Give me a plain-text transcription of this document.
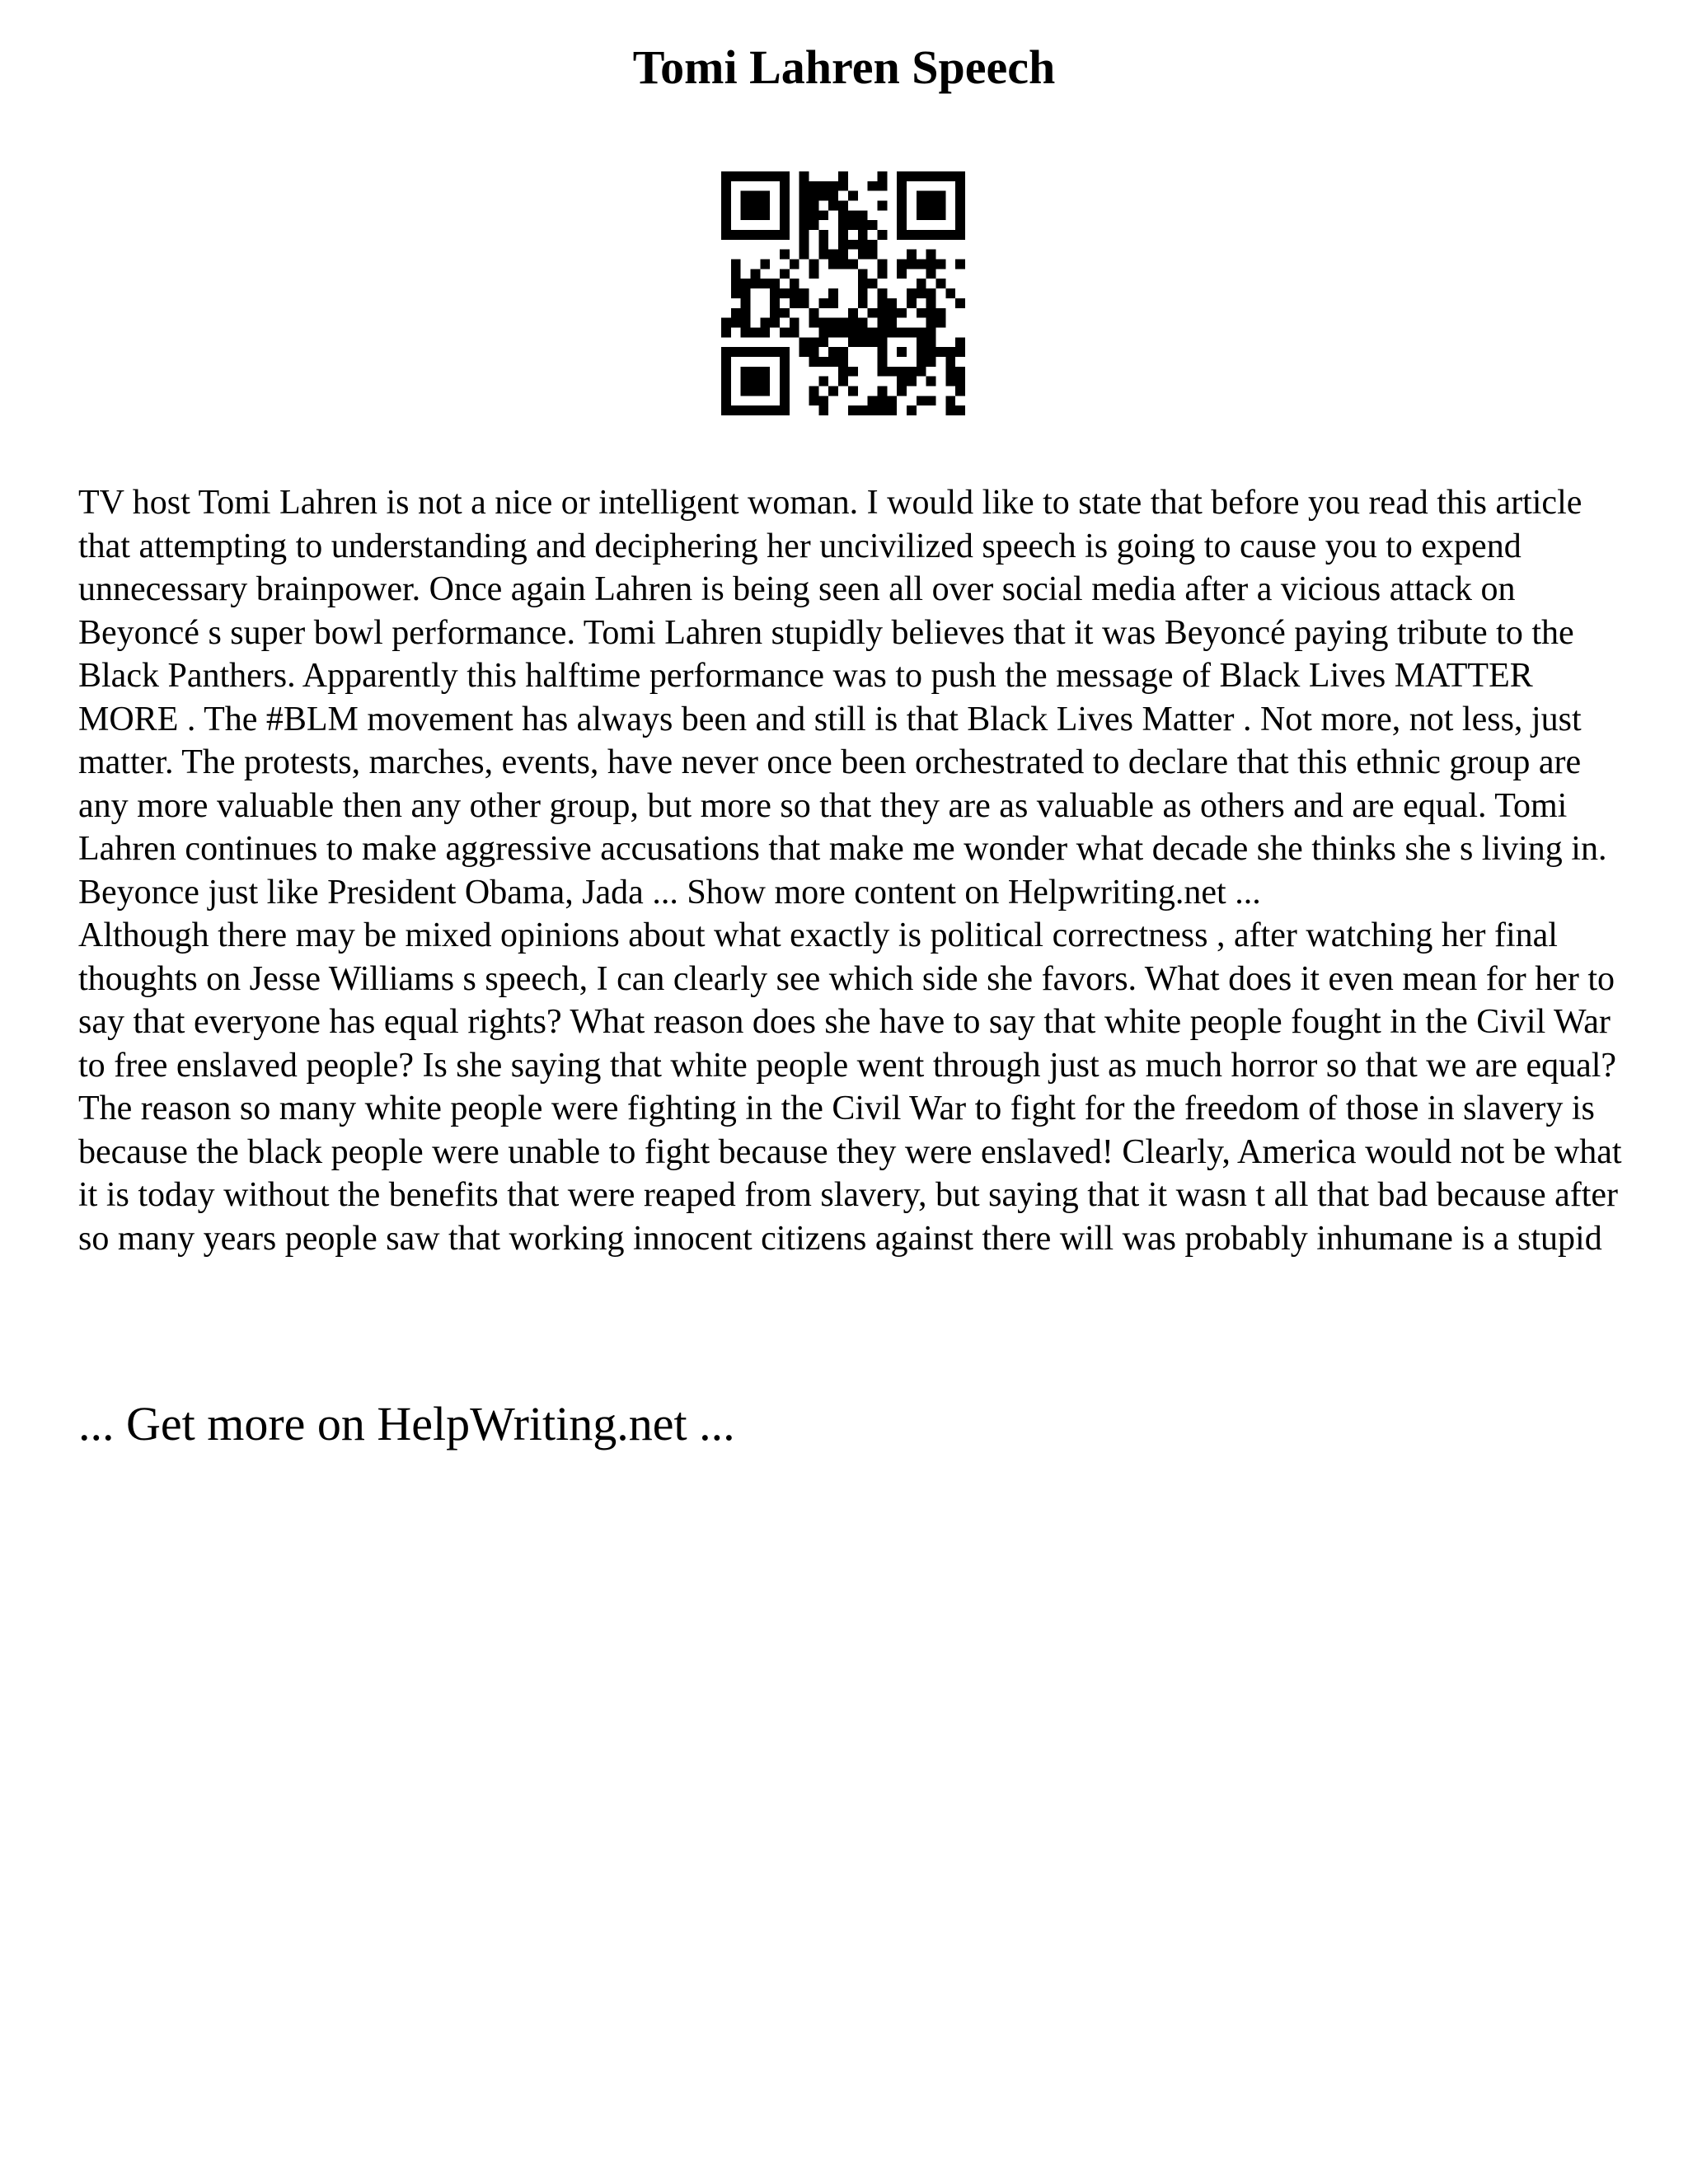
Tomi Lahren Speech

TV host Tomi Lahren is not a nice or intelligent woman. I would like to state that before you read this article that attempting to understanding and deciphering her uncivilized speech is going to cause you to expend unnecessary brainpower. Once again Lahren is being seen all over social media after a vicious attack on Beyoncé s super bowl performance. Tomi Lahren stupidly believes that it was Beyoncé paying tribute to the Black Panthers. Apparently this halftime performance was to push the message of Black Lives MATTER MORE . The #BLM movement has always been and still is that Black Lives Matter . Not more, not less, just matter. The protests, marches, events, have never once been orchestrated to declare that this ethnic group are any more valuable then any other group, but more so that they are as valuable as others and are equal. Tomi Lahren continues to make aggressive accusations that make me wonder what decade she thinks she s living in. Beyonce just like President Obama, Jada ... Show more content on Helpwriting.net ...

Although there may be mixed opinions about what exactly is political correctness , after watching her final thoughts on Jesse Williams s speech, I can clearly see which side she favors. What does it even mean for her to say that everyone has equal rights? What reason does she have to say that white people fought in the Civil War to free enslaved people? Is she saying that white people went through just as much horror so that we are equal? The reason so many white people were fighting in the Civil War to fight for the freedom of those in slavery is because the black people were unable to fight because they were enslaved! Clearly, America would not be what it is today without the benefits that were reaped from slavery, but saying that it wasn t all that bad because after so many years people saw that working innocent citizens against there will was probably inhumane is a stupid

... Get more on HelpWriting.net ...
